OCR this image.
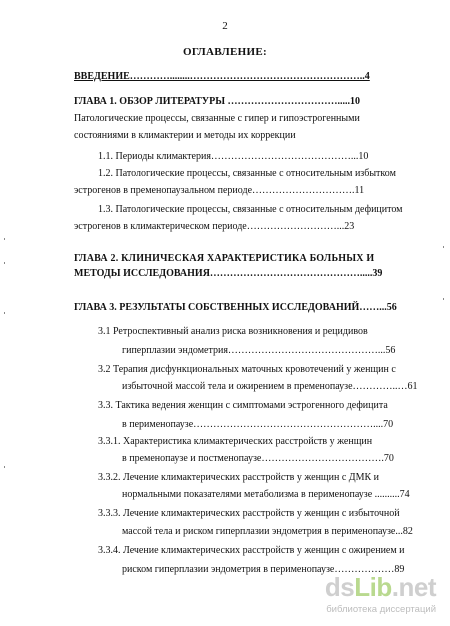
2
ОГЛАВЛЕНИЕ:
ВВЕДЕНИЕ…………........……………………………………………..4
ГЛАВА 1. ОБЗОР ЛИТЕРАТУРЫ …………………………….....10
Патологические процессы, связанные с гипер и гипоэстрогенными
состояниями в климактерии и методы их коррекции
1.1. Периоды климактерия……………………………………...10
1.2. Патологические процессы, связанные с относительным избытком
эстрогенов в пременопаузальном периоде………………………….11
1.3. Патологические процессы, связанные с относительным дефицитом
эстрогенов в климактерическом периоде………………………...23
ГЛАВА 2. КЛИНИЧЕСКАЯ ХАРАКТЕРИСТИКА БОЛЬНЫХ И
МЕТОДЫ ИССЛЕДОВАНИЯ……………………………………….....39
ГЛАВА 3. РЕЗУЛЬТАТЫ СОБСТВЕННЫХ ИССЛЕДОВАНИЙ……...56
3.1 Ретроспективный анализ риска возникновения и рецидивов
гиперплазии эндометрия………………………………………...56
3.2 Терапия дисфункциональных маточных кровотечений у женщин с
избыточной массой тела и ожирением в пременопаузе…………..…61
3.3. Тактика ведения женщин с симптомами эстрогенного дефицита
в перименопаузе………………………………………………....70
3.3.1. Характеристика климактерических расстройств у женщин
в пременопаузе и постменопаузе……………………………….70
3.3.2. Лечение климактерических расстройств у женщин с ДМК и
нормальными показателями метаболизма в перименопаузе ..........74
3.3.3. Лечение климактерических расстройств у женщин с избыточной
массой тела и риском гиперплазии эндометрия в перименопаузе...82
3.3.4. Лечение климактерических расстройств у женщин с ожирением и
риском гиперплазии эндометрия в перименопаузе………………89
dsLib.net
библиотека диссертаций
